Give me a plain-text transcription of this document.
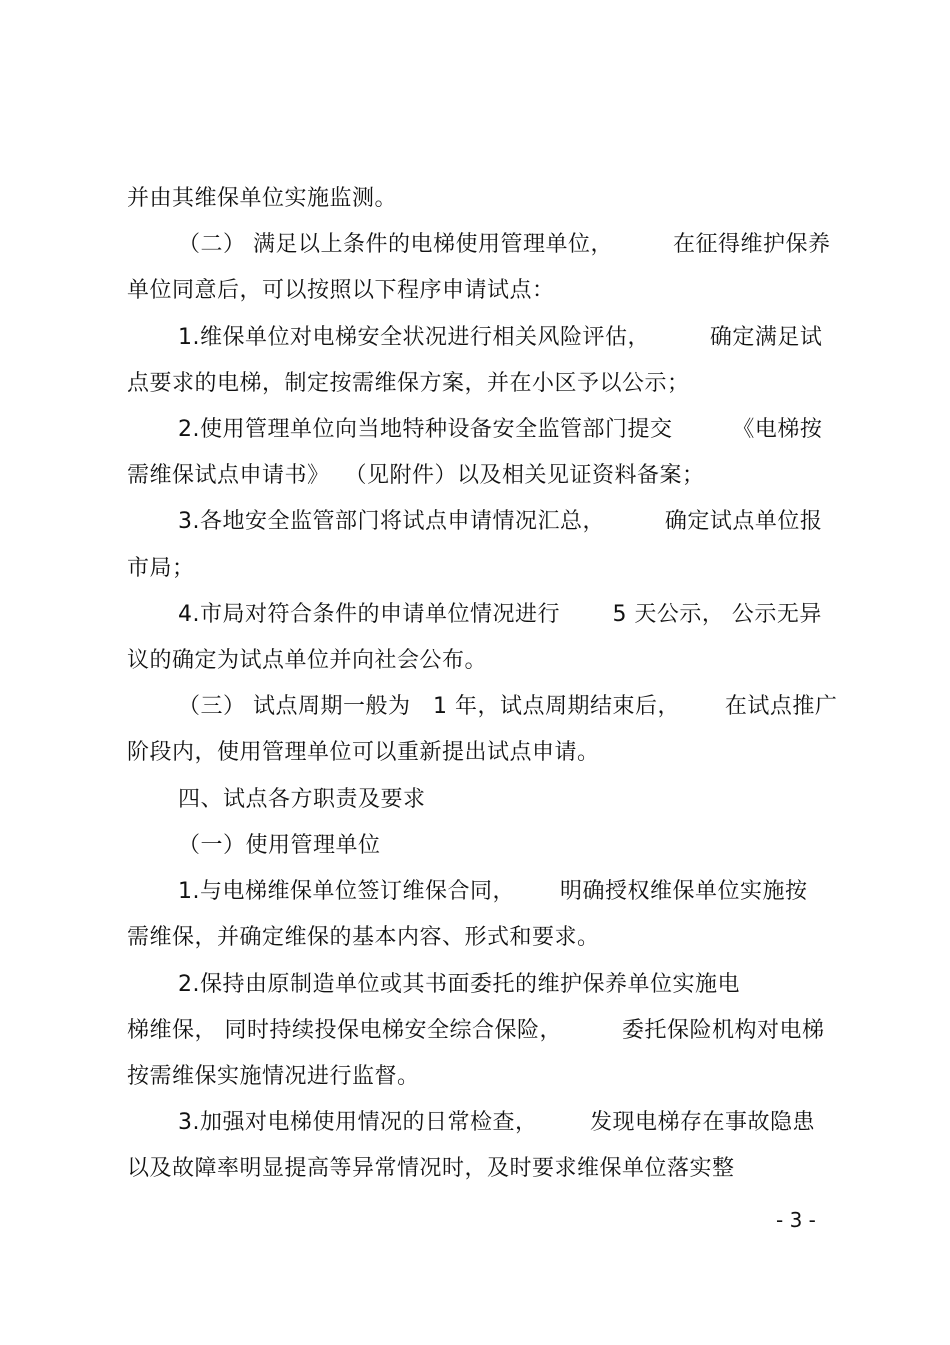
并由其维保单位实施监测。
（二） 满足以上条件的电梯使用管理单位，        在征得维护保养
单位同意后，可以按照以下程序申请试点：
1.维保单位对电梯安全状况进行相关风险评估，        确定满足试
点要求的电梯，制定按需维保方案，并在小区予以公示；
2.使用管理单位向当地特种设备安全监管部门提交        《电梯按
需维保试点申请书》  （见附件）以及相关见证资料备案；
3.各地安全监管部门将试点申请情况汇总，        确定试点单位报
市局；
4.市局对符合条件的申请单位情况进行       5 天公示， 公示无异
议的确定为试点单位并向社会公布。
（三） 试点周期一般为   1 年，试点周期结束后，      在试点推广
阶段内，使用管理单位可以重新提出试点申请。
四、试点各方职责及要求
（一）使用管理单位
1.与电梯维保单位签订维保合同，      明确授权维保单位实施按
需维保，并确定维保的基本内容、形式和要求。
2.保持由原制造单位或其书面委托的维护保养单位实施电
梯维保， 同时持续投保电梯安全综合保险，        委托保险机构对电梯
按需维保实施情况进行监督。
3.加强对电梯使用情况的日常检查，       发现电梯存在事故隐患
以及故障率明显提高等异常情况时，及时要求维保单位落实整
- 3 -
